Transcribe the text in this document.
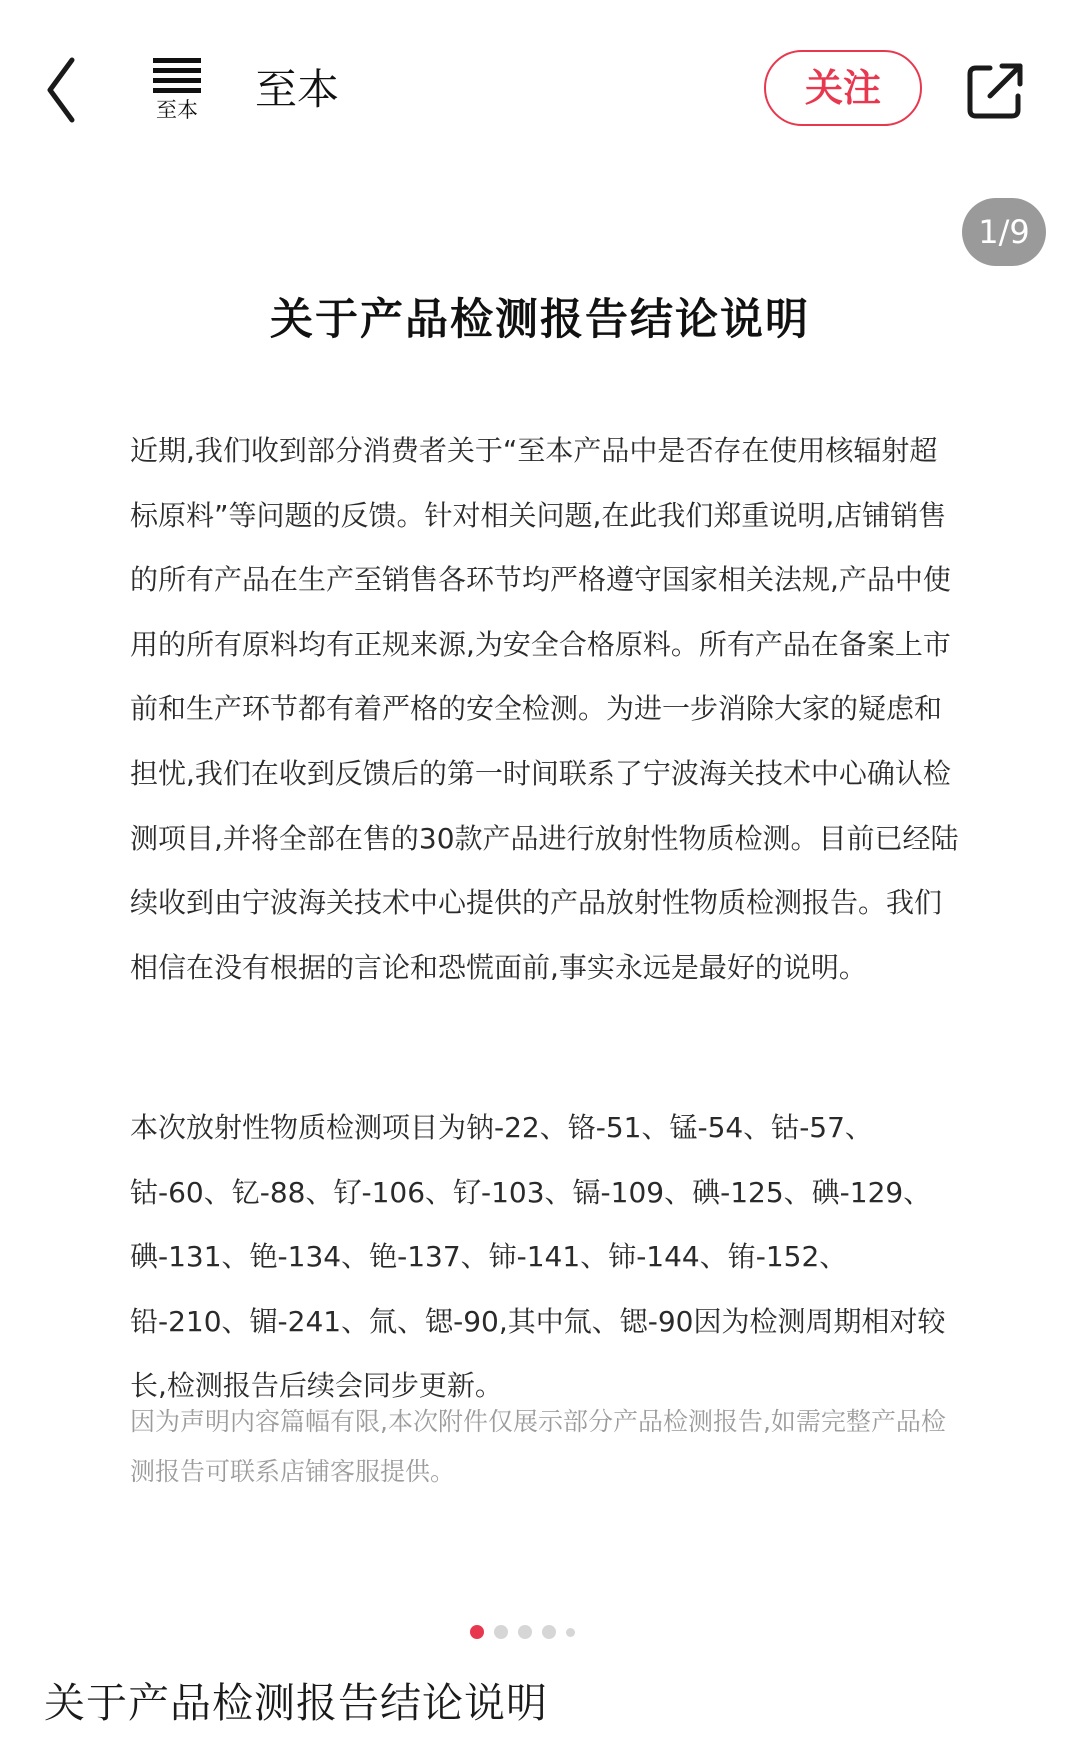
至本 至本	关注
1/9
关于产品检测报告结论说明

近期,我们收到部分消费者关于“至本产品中是否存在使用核辐射超标原料”等问题的反馈。针对相关问题,在此我们郑重说明,店铺销售的所有产品在生产至销售各环节均严格遵守国家相关法规,产品中使用的所有原料均有正规来源,为安全合格原料。所有产品在备案上市前和生产环节都有着严格的安全检测。为进一步消除大家的疑虑和担忧,我们在收到反馈后的第一时间联系了宁波海关技术中心确认检测项目,并将全部在售的30款产品进行放射性物质检测。目前已经陆续收到由宁波海关技术中心提供的产品放射性物质检测报告。我们相信在没有根据的言论和恐慌面前,事实永远是最好的说明。

本次放射性物质检测项目为钠-22、铬-51、锰-54、钴-57、钴-60、钇-88、钌-106、钌-103、镉-109、碘-125、碘-129、碘-131、铯-134、铯-137、铈-141、铈-144、铕-152、铅-210、镅-241、氚、锶-90,其中氚、锶-90因为检测周期相对较长,检测报告后续会同步更新。

因为声明内容篇幅有限,本次附件仅展示部分产品检测报告,如需完整产品检测报告可联系店铺客服提供。

关于产品检测报告结论说明
